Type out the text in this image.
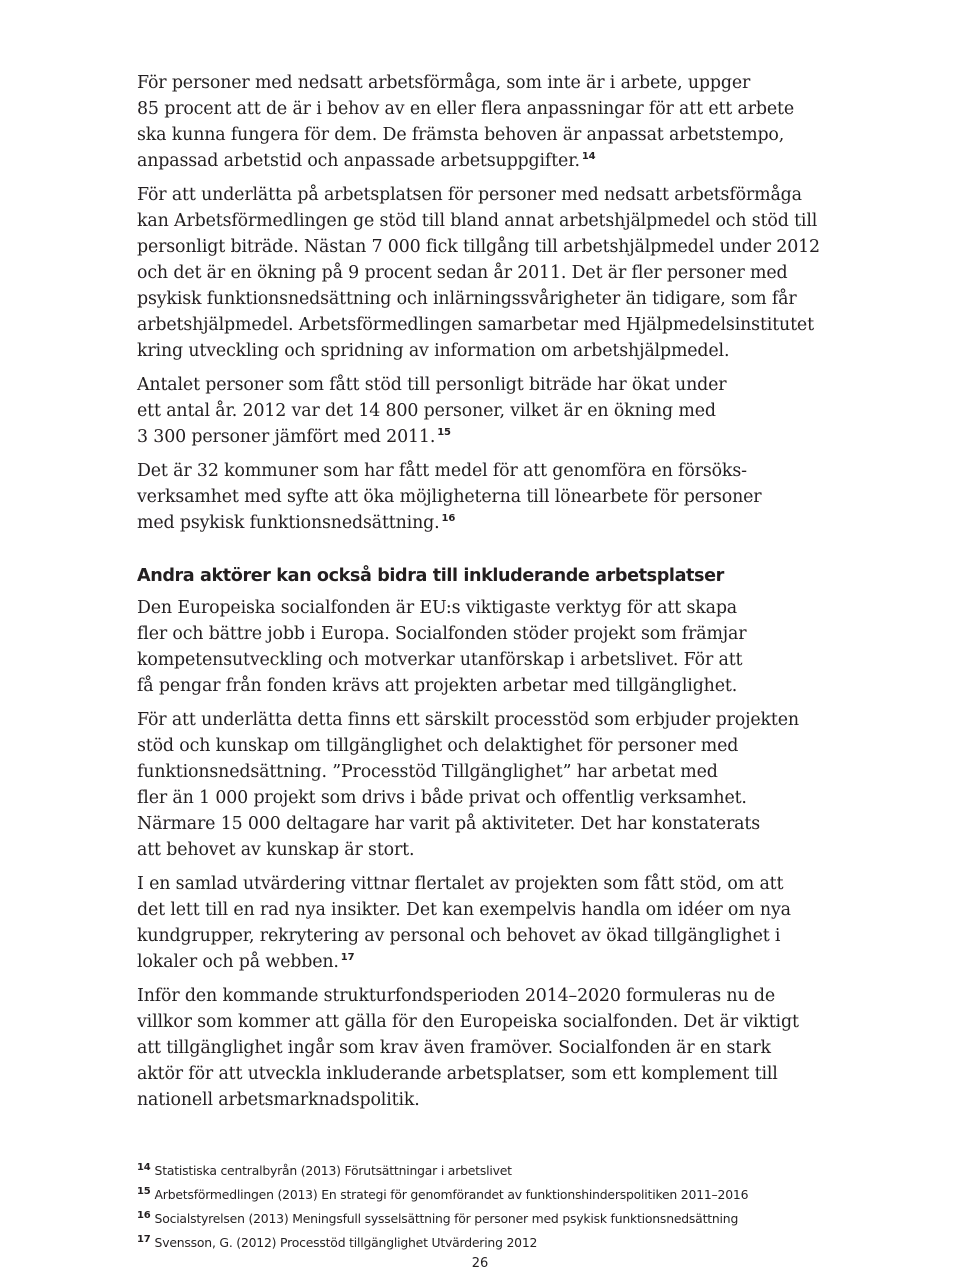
För personer med nedsatt arbetsförmåga, som inte är i arbete, uppger
85 procent att de är i behov av en eller flera anpassningar för att ett arbete
ska kunna fungera för dem. De främsta behoven är anpassat arbetstempo,
anpassad arbetstid och anpassade arbetsuppgifter. $^{14}$

För att underlätta på arbetsplatsen för personer med nedsatt arbetsförmåga
kan Arbetsförmedlingen ge stöd till bland annat arbetshjälpmedel och stöd till
personligt biträde. Nästan 7 000 fick tillgång till arbetshjälpmedel under 2012
och det är en ökning på 9 procent sedan år 2011. Det är fler personer med
psykisk funktionsnedsättning och inlärningssvårigheter än tidigare, som får
arbetshjälpmedel. Arbetsförmedlingen samarbetar med Hjälpmedelsinstitutet
kring utveckling och spridning av information om arbetshjälpmedel.

Antalet personer som fått stöd till personligt biträde har ökat under
ett antal år. 2012 var det 14 800 personer, vilket är en ökning med
3 300 personer jämfört med 2011. $^{15}$

Det är 32 kommuner som har fått medel för att genomföra en försöks-
verksamhet med syfte att öka möjligheterna till lönearbete för personer
med psykisk funktionsnedsättning. $^{16}$

Andra aktörer kan också bidra till inkluderande arbetsplatser

Den Europeiska socialfonden är EU:s viktigaste verktyg för att skapa
fler och bättre jobb i Europa. Socialfonden stöder projekt som främjar
kompetensutveckling och motverkar utanförskap i arbetslivet. För att
få pengar från fonden krävs att projekten arbetar med tillgänglighet.

För att underlätta detta finns ett särskilt processtöd som erbjuder projekten
stöd och kunskap om tillgänglighet och delaktighet för personer med
funktionsnedsättning. ”Processtöd Tillgänglighet” har arbetat med
fler än 1 000 projekt som drivs i både privat och offentlig verksamhet.
Närmare 15 000 deltagare har varit på aktiviteter. Det har konstaterats
att behovet av kunskap är stort.

I en samlad utvärdering vittnar flertalet av projekten som fått stöd, om att
det lett till en rad nya insikter. Det kan exempelvis handla om idéer om nya
kundgrupper, rekrytering av personal och behovet av ökad tillgänglighet i
lokaler och på webben. $^{17}$

Inför den kommande strukturfondsperioden 2014–2020 formuleras nu de
villkor som kommer att gälla för den Europeiska socialfonden. Det är viktigt
att tillgänglighet ingår som krav även framöver. Socialfonden är en stark
aktör för att utveckla inkluderande arbetsplatser, som ett komplement till
nationell arbetsmarknadspolitik.

$^{14}$ Statistiska centralbyrån (2013) Förutsättningar i arbetslivet
$^{15}$ Arbetsförmedlingen (2013) En strategi för genomförandet av funktionshinderspolitiken 2011–2016
$^{16}$ Socialstyrelsen (2013) Meningsfull sysselsättning för personer med psykisk funktionsnedsättning
$^{17}$ Svensson, G. (2012) Processtöd tillgänglighet Utvärdering 2012
26
